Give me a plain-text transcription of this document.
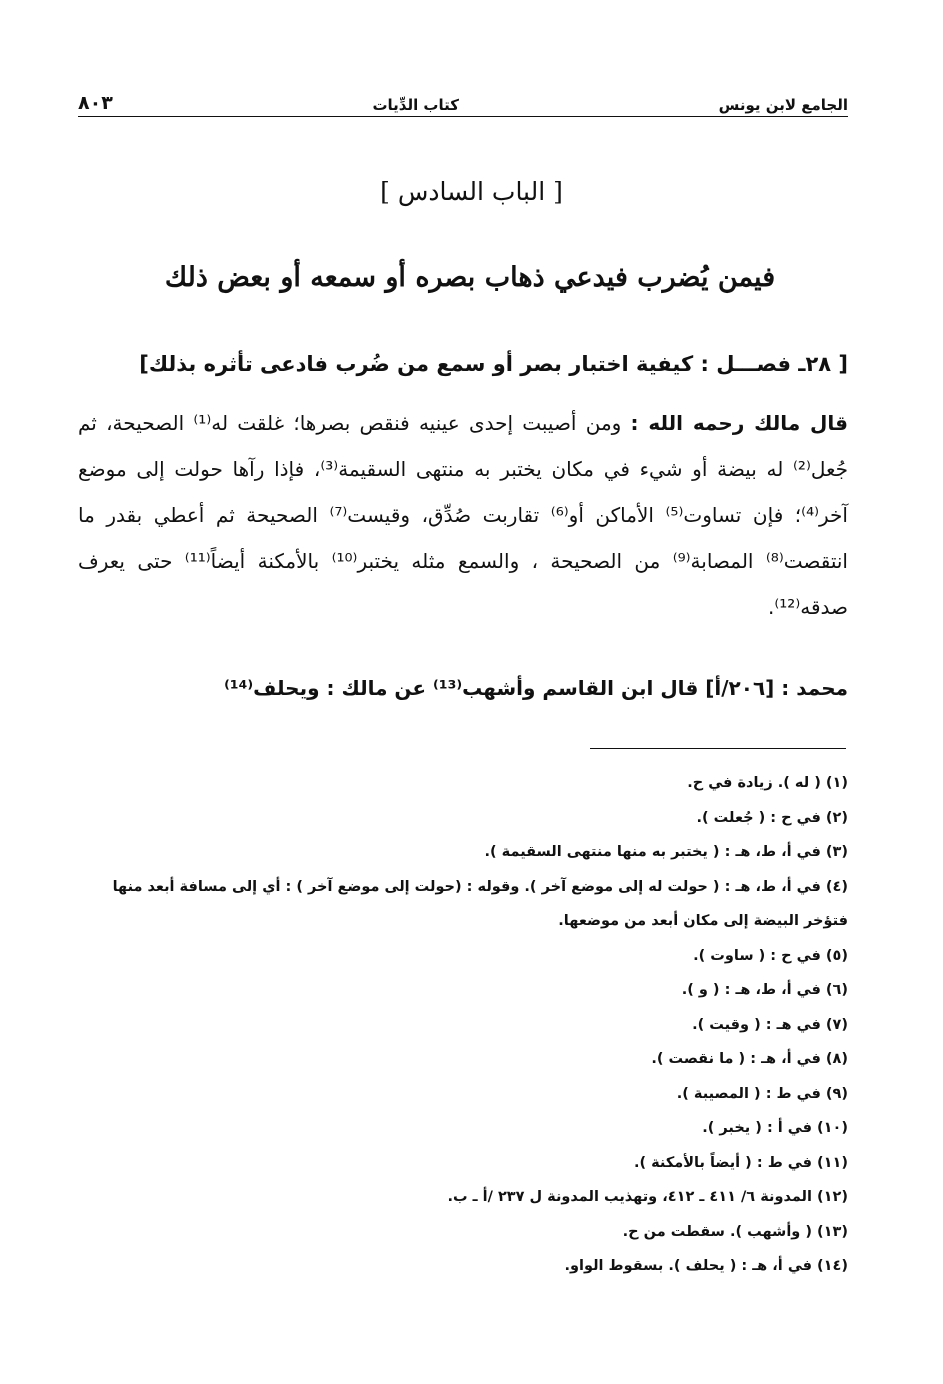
الجامع لابن يونس
كتاب الدِّيات
٨٠٣
[ الباب السادس ]
فيمن يُضرب فيدعي ذهاب بصره أو سمعه أو بعض ذلك
[ ٢٨ـ فصـــل : كيفية اختبار بصر أو سمع من ضُرب فادعى تأثره بذلك]
قال مالك رحمه الله : ومن أصيبت إحدى عينيه فنقص بصرها؛ غلقت له⁽¹⁾ الصحيحة، ثم جُعل⁽²⁾ له بيضة أو شيء في مكان يختبر به منتهى السقيمة⁽³⁾، فإذا رآها حولت إلى موضع آخر⁽⁴⁾؛ فإن تساوت⁽⁵⁾ الأماكن أو⁽⁶⁾ تقاربت صُدِّق، وقيست⁽⁷⁾ الصحيحة ثم أعطي بقدر ما انتقصت⁽⁸⁾ المصابة⁽⁹⁾ من الصحيحة ، والسمع مثله يختبر⁽¹⁰⁾ بالأمكنة أيضاً⁽¹¹⁾ حتى يعرف صدقه⁽¹²⁾.
محمد : [٢٠٦/أ] قال ابن القاسم وأشهب⁽¹³⁾ عن مالك : ويحلف⁽¹⁴⁾
(١) ( له ). زيادة في ح.
(٢) في ح : ( جُعلت ).
(٣) في أ، ط، هـ : ( يختبر به منها منتهى السقيمة ).
(٤) في أ، ط، هـ : ( حولت له إلى موضع آخر ). وقوله : (حولت إلى موضع آخر ) : أي إلى مسافة أبعد منها فتؤخر البيضة إلى مكان أبعد من موضعها.
(٥) في ح : ( ساوت ).
(٦) في أ، ط، هـ : ( و ).
(٧) في هـ : ( وقيت ).
(٨) في أ، هـ : ( ما نقصت ).
(٩) في ط : ( المصيبة ).
(١٠) في أ : ( يخبر ).
(١١) في ط : ( أيضاً بالأمكنة ).
(١٢) المدونة ٦/ ٤١١ ـ ٤١٢، وتهذيب المدونة ل ٢٣٧ /أ ـ ب.
(١٣) ( وأشهب ). سقطت من ح.
(١٤) في أ، هـ : ( يحلف ). بسقوط الواو.
